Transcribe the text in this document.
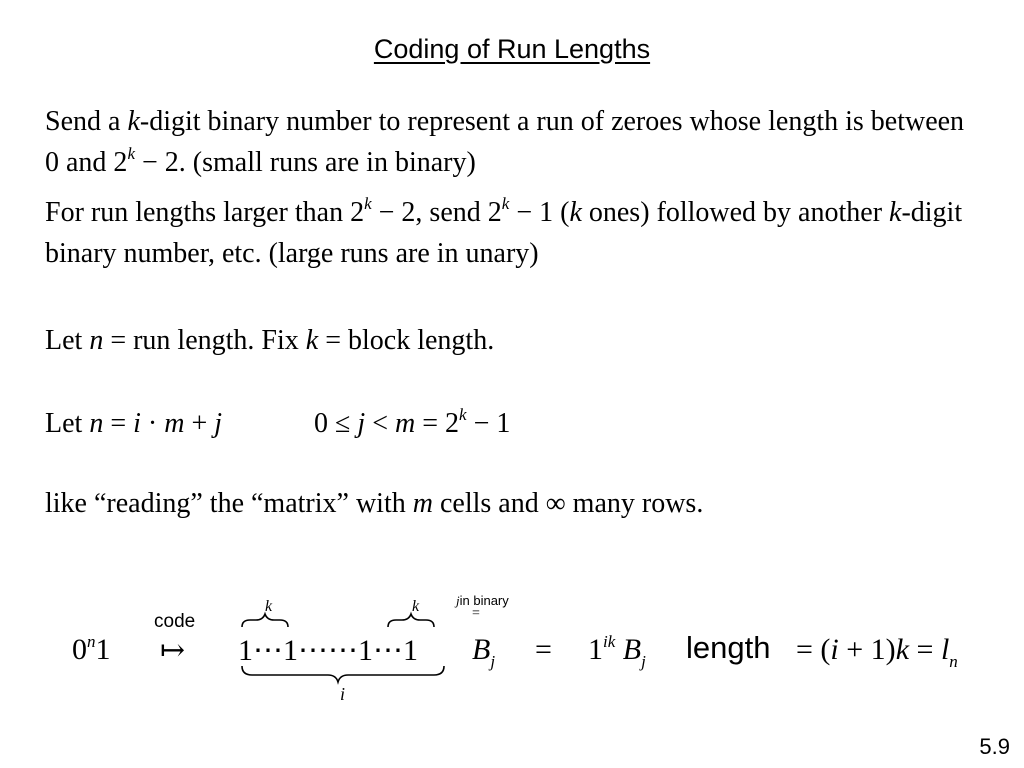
Coding of Run Lengths
Send a k-digit binary number to represent a run of zeroes whose length is between 0 and $2^k - 2$. (small runs are in binary)
For run lengths larger than $2^k - 2$, send $2^k - 1$ (k ones) followed by another k-digit binary number, etc. (large runs are in unary)
Let n = run length. Fix k = block length.
Let n = i · m + j	$0 \le j < m = 2^k - 1$
like “reading” the “matrix” with m cells and ∞ many rows.
0$^n$1
code
↦
k	k
1⋯1⋯⋯1⋯1
i
$B_j$
jin binary
=
= $1^{ik}$ $B_j$ length = $(i + 1)k = l_n$
5.9
